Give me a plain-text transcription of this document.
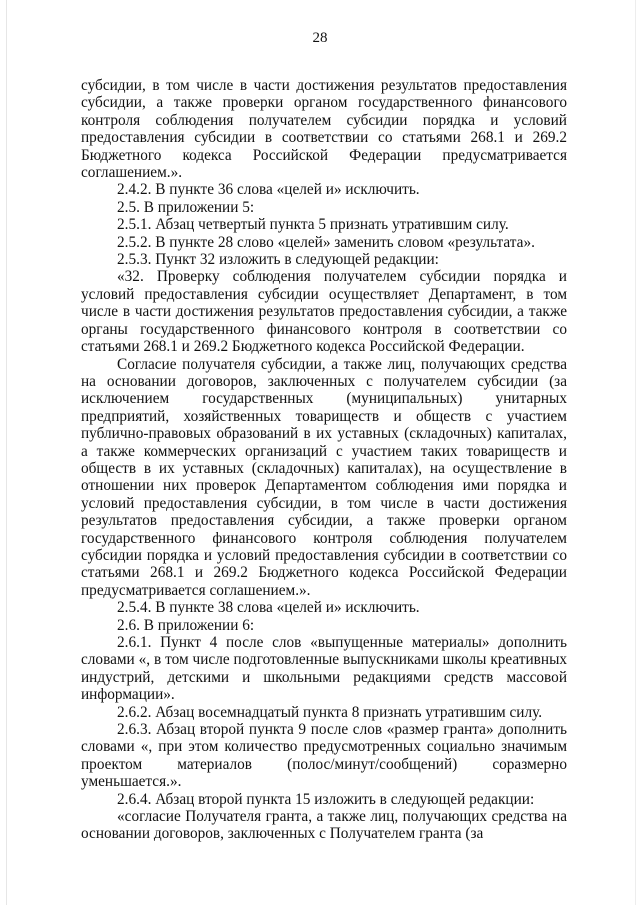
28

субсидии, в том числе в части достижения результатов предоставления субсидии, а также проверки органом государственного финансового контроля соблюдения получателем субсидии порядка и условий предоставления субсидии в соответствии со статьями 268.1 и 269.2 Бюджетного кодекса Российской Федерации предусматривается соглашением.».

2.4.2. В пункте 36 слова «целей и» исключить.

2.5. В приложении 5:

2.5.1. Абзац четвертый пункта 5 признать утратившим силу.

2.5.2. В пункте 28 слово «целей» заменить словом «результата».

2.5.3. Пункт 32 изложить в следующей редакции:

«32. Проверку соблюдения получателем субсидии порядка и условий предоставления субсидии осуществляет Департамент, в том числе в части достижения результатов предоставления субсидии, а также органы государственного финансового контроля в соответствии со статьями 268.1 и 269.2 Бюджетного кодекса Российской Федерации.

Согласие получателя субсидии, а также лиц, получающих средства на основании договоров, заключенных с получателем субсидии (за исключением государственных (муниципальных) унитарных предприятий, хозяйственных товариществ и обществ с участием публично-правовых образований в их уставных (складочных) капиталах, а также коммерческих организаций с участием таких товариществ и обществ в их уставных (складочных) капиталах), на осуществление в отношении них проверок Департаментом соблюдения ими порядка и условий предоставления субсидии, в том числе в части достижения результатов предоставления субсидии, а также проверки органом государственного финансового контроля соблюдения получателем субсидии порядка и условий предоставления субсидии в соответствии со статьями 268.1 и 269.2 Бюджетного кодекса Российской Федерации предусматривается соглашением.».

2.5.4. В пункте 38 слова «целей и» исключить.

2.6. В приложении 6:

2.6.1. Пункт 4 после слов «выпущенные материалы» дополнить словами «, в том числе подготовленные выпускниками школы креативных индустрий, детскими и школьными редакциями средств массовой информации».

2.6.2. Абзац восемнадцатый пункта 8 признать утратившим силу.

2.6.3. Абзац второй пункта 9 после слов «размер гранта» дополнить словами «, при этом количество предусмотренных социально значимым проектом материалов (полос/минут/сообщений) соразмерно уменьшается.».

2.6.4. Абзац второй пункта 15 изложить в следующей редакции:

«согласие Получателя гранта, а также лиц, получающих средства на основании договоров, заключенных с Получателем гранта (за
